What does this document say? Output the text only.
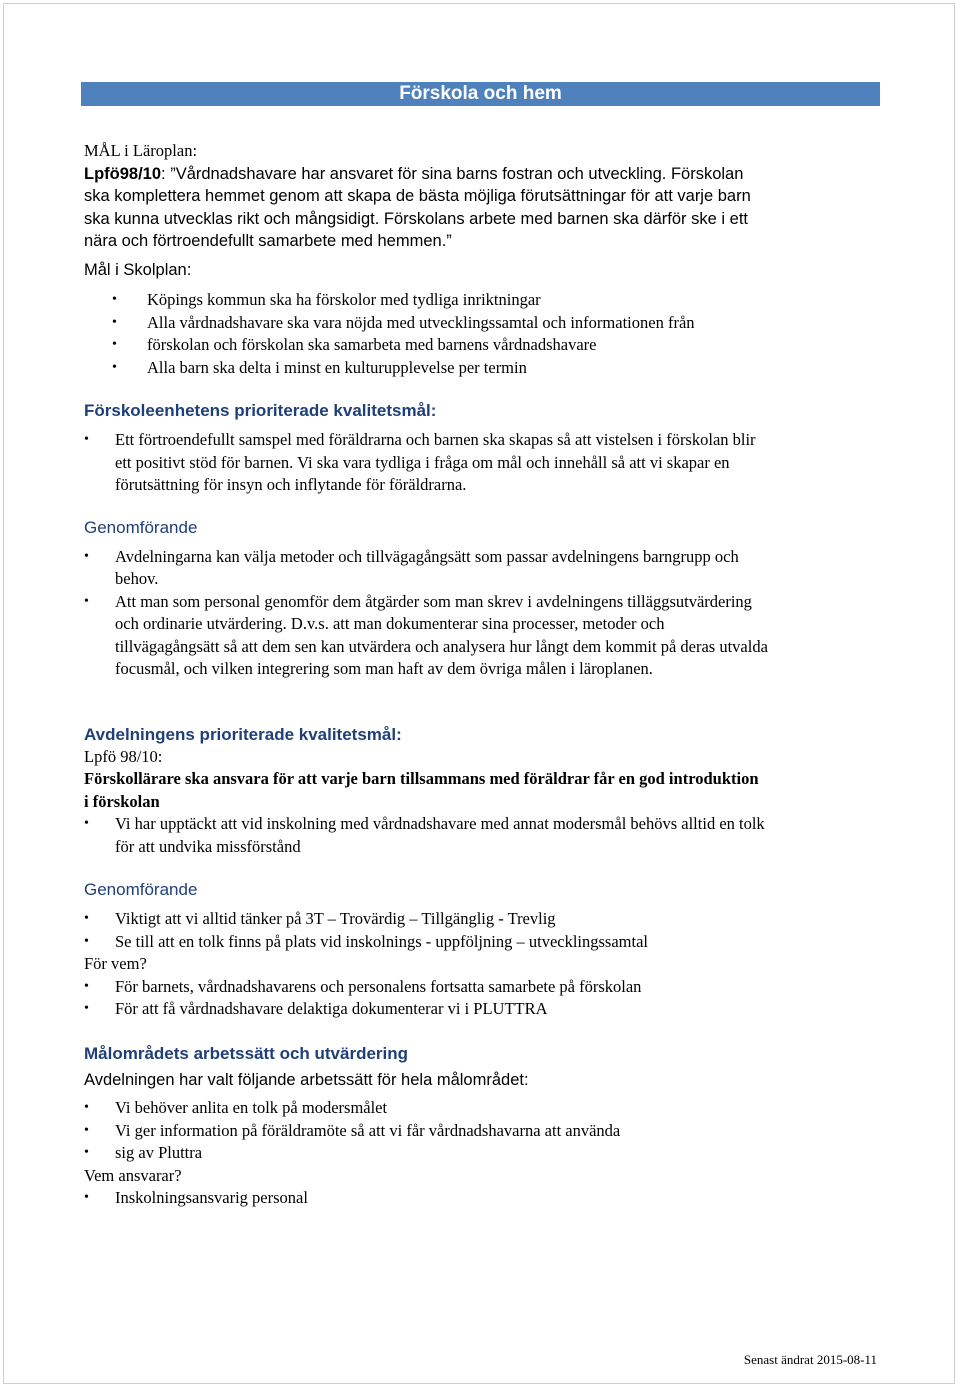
Förskola och hem
MÅL i Läroplan:
Lpfö98/10: ”Vårdnadshavare har ansvaret för sina barns fostran och utveckling. Förskolan
ska komplettera hemmet genom att skapa de bästa möjliga förutsättningar för att varje barn
ska kunna utvecklas rikt och mångsidigt. Förskolans arbete med barnen ska därför ske i ett
nära och förtroendefullt samarbete med hemmen.”
Mål i Skolplan:
• Köpings kommun ska ha förskolor med tydliga inriktningar
• Alla vårdnadshavare ska vara nöjda med utvecklingssamtal och informationen från
• förskolan och förskolan ska samarbeta med barnens vårdnadshavare
• Alla barn ska delta i minst en kulturupplevelse per termin
Förskoleenhetens prioriterade kvalitetsmål:
• Ett förtroendefullt samspel med föräldrarna och barnen ska skapas så att vistelsen i förskolan blir
ett positivt stöd för barnen. Vi ska vara tydliga i fråga om mål och innehåll så att vi skapar en
förutsättning för insyn och inflytande för föräldrarna.
Genomförande
• Avdelningarna kan välja metoder och tillvägagångsätt som passar avdelningens barngrupp och
behov.
• Att man som personal genomför dem åtgärder som man skrev i avdelningens tilläggsutvärdering
och ordinarie utvärdering. D.v.s. att man dokumenterar sina processer, metoder och
tillvägagångsätt så att dem sen kan utvärdera och analysera hur långt dem kommit på deras utvalda
focusmål, och vilken integrering som man haft av dem övriga målen i läroplanen.
Avdelningens prioriterade kvalitetsmål:
Lpfö 98/10:
Förskollärare ska ansvara för att varje barn tillsammans med föräldrar får en god introduktion
i förskolan
• Vi har upptäckt att vid inskolning med vårdnadshavare med annat modersmål behövs alltid en tolk
för att undvika missförstånd
Genomförande
• Viktigt att vi alltid tänker på 3T – Trovärdig – Tillgänglig - Trevlig
• Se till att en tolk finns på plats vid inskolnings - uppföljning – utvecklingssamtal
För vem?
• För barnets, vårdnadshavarens och personalens fortsatta samarbete på förskolan
• För att få vårdnadshavare delaktiga dokumenterar vi i PLUTTRA
Målområdets arbetssätt och utvärdering
Avdelningen har valt följande arbetssätt för hela målområdet:
• Vi behöver anlita en tolk på modersmålet
• Vi ger information på föräldramöte så att vi får vårdnadshavarna att använda
• sig av Pluttra
Vem ansvarar?
• Inskolningsansvarig personal
Senast ändrat 2015-08-11
